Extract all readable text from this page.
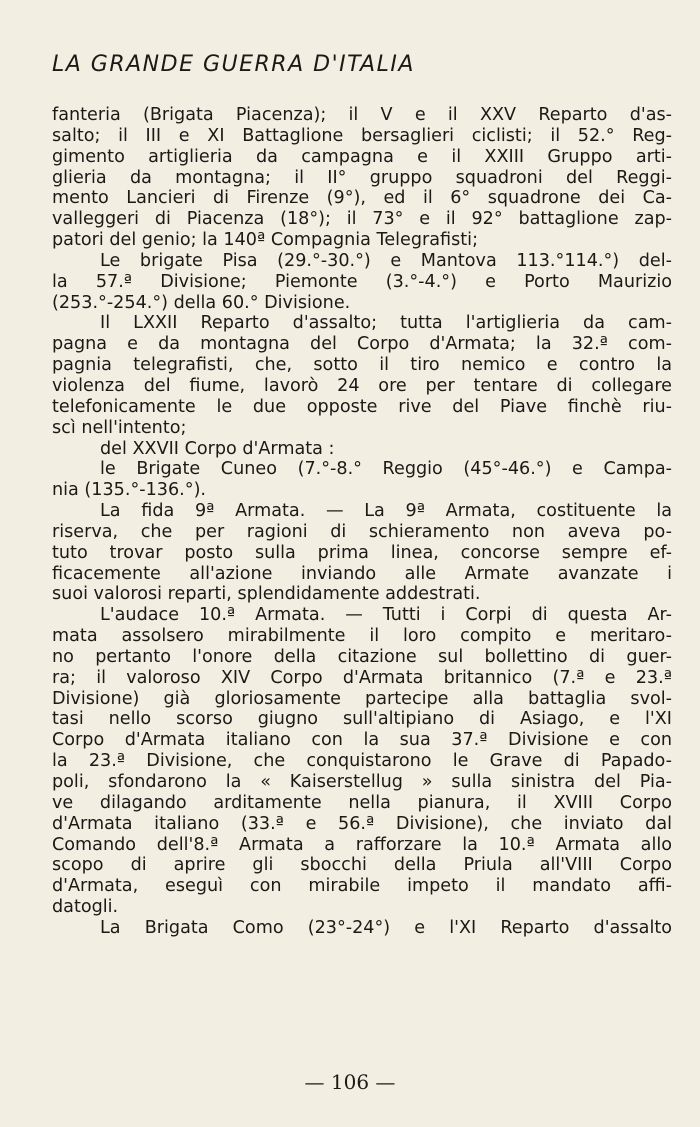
LA GRANDE GUERRA D'ITALIA
fanteria (Brigata Piacenza); il V e il XXV Reparto d'as-
salto; il III e XI Battaglione bersaglieri ciclisti; il 52.° Reg-
gimento artiglieria da campagna e il XXIII Gruppo arti-
glieria da montagna; il II° gruppo squadroni del Reggi-
mento Lancieri di Firenze (9°), ed il 6° squadrone dei Ca-
valleggeri di Piacenza (18°); il 73° e il 92° battaglione zap-
patori del genio; la 140ª Compagnia Telegrafisti;
Le brigate Pisa (29.°-30.°) e Mantova 113.°114.°) del-
la 57.ª Divisione; Piemonte (3.°-4.°) e Porto Maurizio
(253.°-254.°) della 60.° Divisione.
Il LXXII Reparto d'assalto; tutta l'artiglieria da cam-
pagna e da montagna del Corpo d'Armata; la 32.ª com-
pagnia telegrafisti, che, sotto il tiro nemico e contro la
violenza del fiume, lavorò 24 ore per tentare di collegare
telefonicamente le due opposte rive del Piave finchè riu-
scì nell'intento;
del XXVII Corpo d'Armata :
le Brigate Cuneo (7.°-8.° Reggio (45°-46.°) e Campa-
nia (135.°-136.°).
La fida 9ª Armata. — La 9ª Armata, costituente la
riserva, che per ragioni di schieramento non aveva po-
tuto trovar posto sulla prima linea, concorse sempre ef-
ficacemente all'azione inviando alle Armate avanzate i
suoi valorosi reparti, splendidamente addestrati.
L'audace 10.ª Armata. — Tutti i Corpi di questa Ar-
mata assolsero mirabilmente il loro compito e meritaro-
no pertanto l'onore della citazione sul bollettino di guer-
ra; il valoroso XIV Corpo d'Armata britannico (7.ª e 23.ª
Divisione) già gloriosamente partecipe alla battaglia svol-
tasi nello scorso giugno sull'altipiano di Asiago, e l'XI
Corpo d'Armata italiano con la sua 37.ª Divisione e con
la 23.ª Divisione, che conquistarono le Grave di Papado-
poli, sfondarono la « Kaiserstellug » sulla sinistra del Pia-
ve dilagando arditamente nella pianura, il XVIII Corpo
d'Armata italiano (33.ª e 56.ª Divisione), che inviato dal
Comando dell'8.ª Armata a rafforzare la 10.ª Armata allo
scopo di aprire gli sbocchi della Priula all'VIII Corpo
d'Armata, eseguì con mirabile impeto il mandato affi-
datogli.
La Brigata Como (23°-24°) e l'XI Reparto d'assalto
— 106 —
